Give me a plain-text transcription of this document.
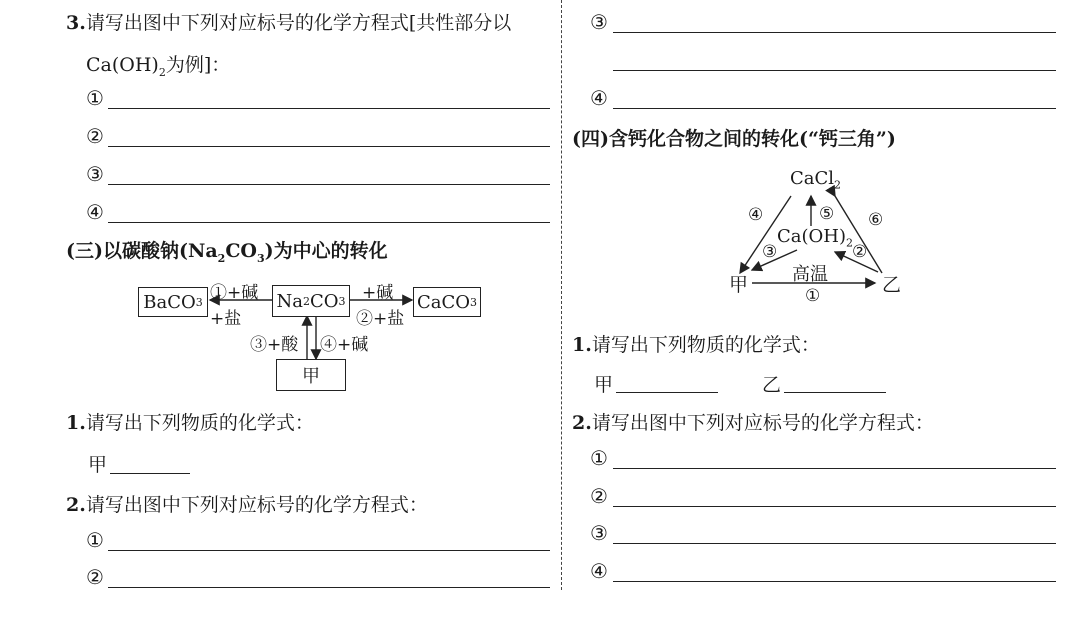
3.请写出图中下列对应标号的化学方程式[共性部分以
$Ca(OH)_2$为例]：
①
②
③
④
(三)以碳酸钠$(Na_2CO_3)$为中心的转化
BaCO 3	Na 2 CO 3	CaCO 3
甲
①+碱
+盐
+碱
②+盐
③+酸 ④+碱
1.请写出下列物质的化学式：
甲
2.请写出图中下列对应标号的化学方程式：
①
②
③
④
(四)含钙化合物之间的转化(“钙三角”)
CaCl$_2$
$Ca(OH)_2$
甲	乙
高温
①
②
③
④	⑤ ⑥
1.请写出下列物质的化学式：
甲	乙
2.请写出图中下列对应标号的化学方程式：
①
②
③
④
